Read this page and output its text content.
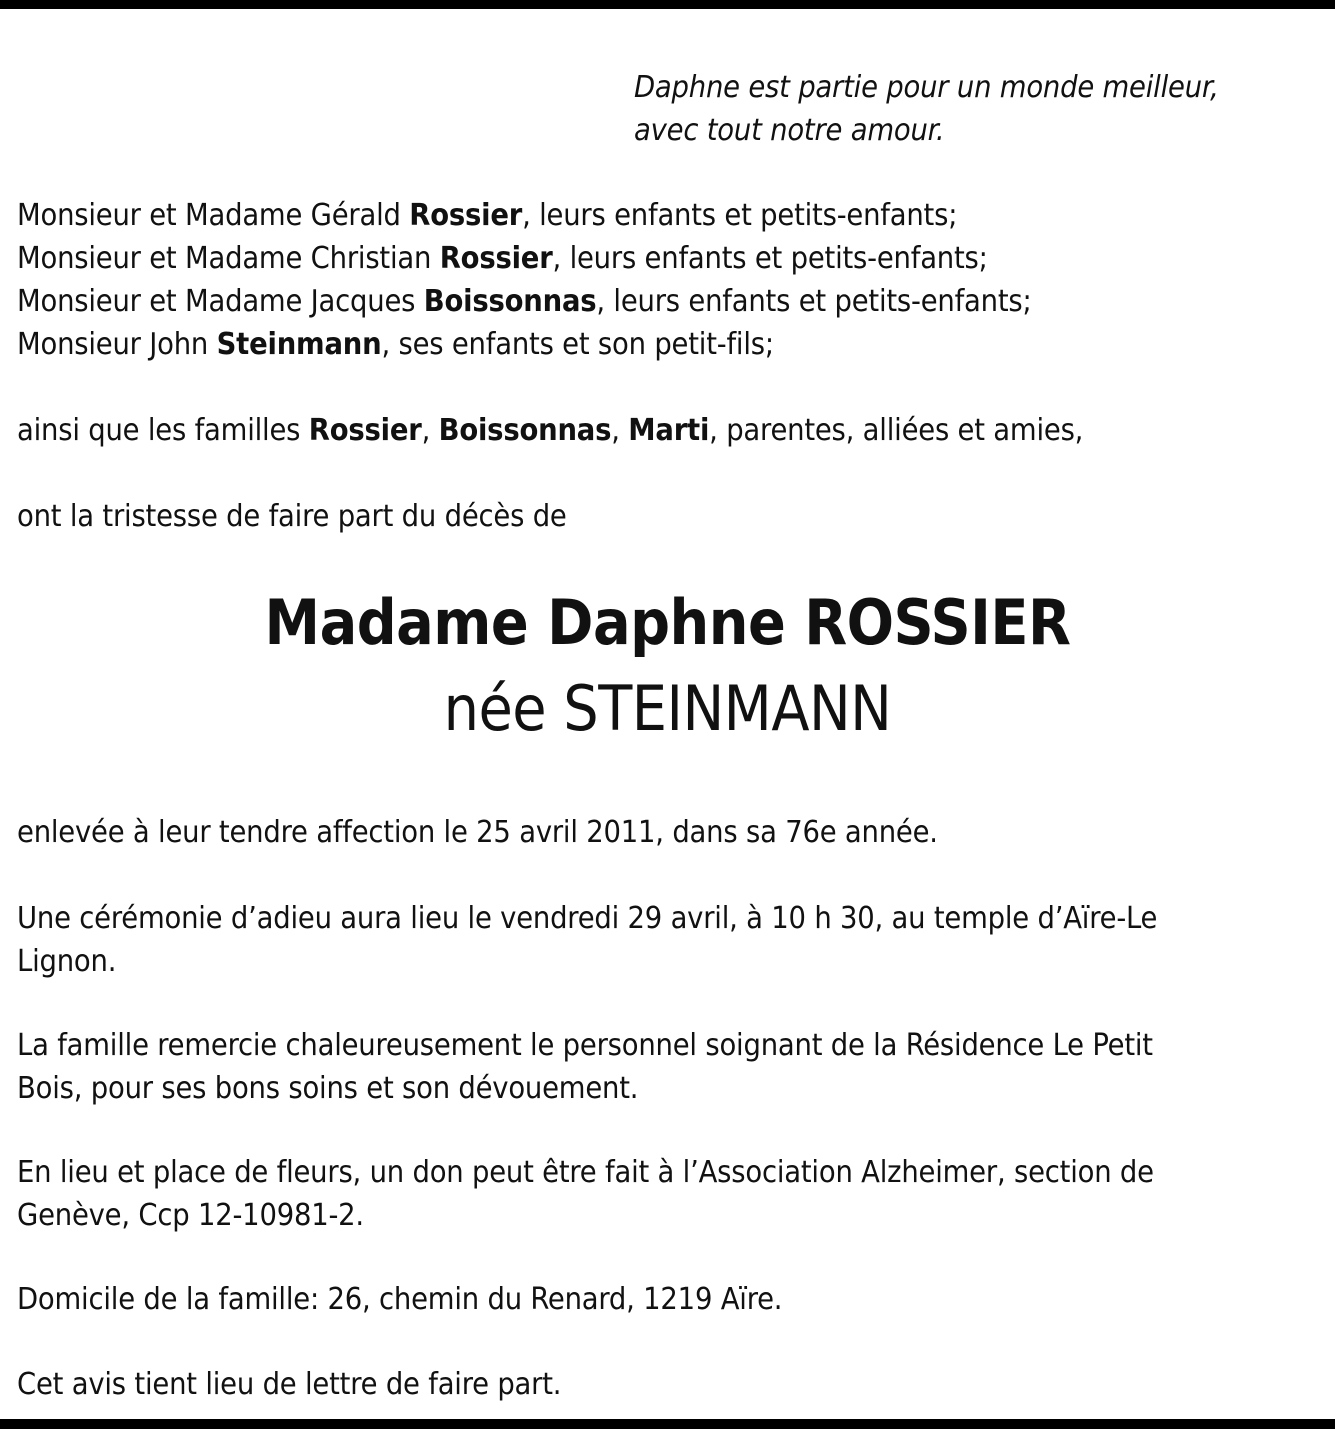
Daphne est partie pour un monde meilleur,
avec tout notre amour.
Monsieur et Madame Gérald Rossier, leurs enfants et petits-enfants;
Monsieur et Madame Christian Rossier, leurs enfants et petits-enfants;
Monsieur et Madame Jacques Boissonnas, leurs enfants et petits-enfants;
Monsieur John Steinmann, ses enfants et son petit-fils;
ainsi que les familles Rossier, Boissonnas, Marti, parentes, alliées et amies,
ont la tristesse de faire part du décès de
Madame Daphne ROSSIER
née STEINMANN
enlevée à leur tendre affection le 25 avril 2011, dans sa 76e année.
Une cérémonie d’adieu aura lieu le vendredi 29 avril, à 10 h 30, au temple d’Aïre-Le
Lignon.
La famille remercie chaleureusement le personnel soignant de la Résidence Le Petit
Bois, pour ses bons soins et son dévouement.
En lieu et place de fleurs, un don peut être fait à l’Association Alzheimer, section de
Genève, Ccp 12-10981-2.
Domicile de la famille: 26, chemin du Renard, 1219 Aïre.
Cet avis tient lieu de lettre de faire part.
